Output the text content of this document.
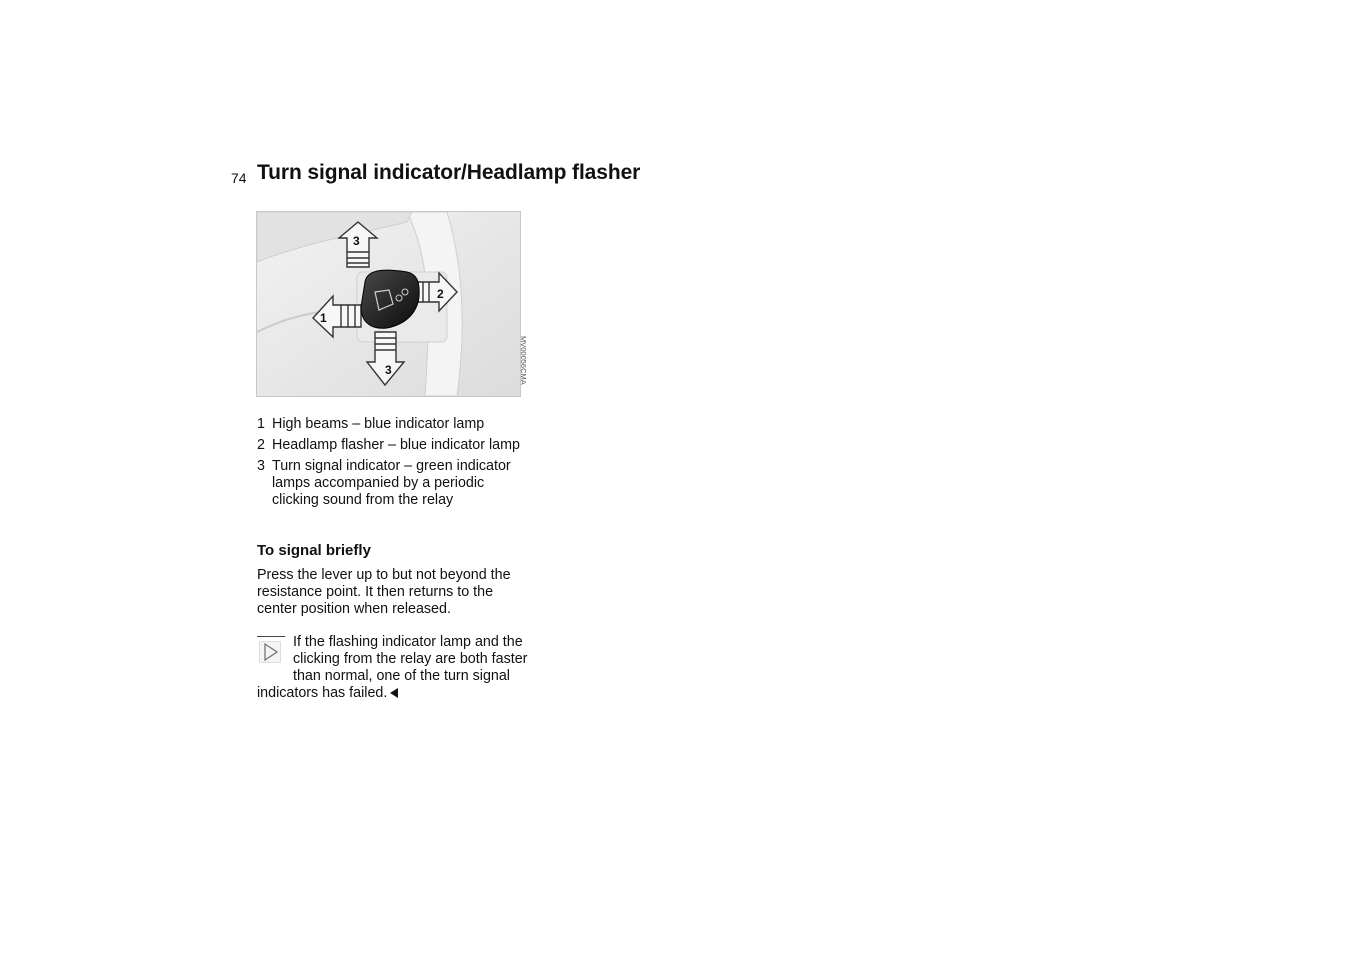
74 Turn signal indicator/Headlamp flasher
3
2
1
3	MV00056CMA
1 High beams – blue indicator lamp
2 Headlamp flasher – blue indicator lamp
3 Turn signal indicator – green indicator lamps accompanied by a periodic clicking sound from the relay
To signal briefly
Press the lever up to but not beyond the resistance point. It then returns to the center position when released.
If the flashing indicator lamp and the clicking from the relay are both faster than normal, one of the turn signal indicators has failed.
